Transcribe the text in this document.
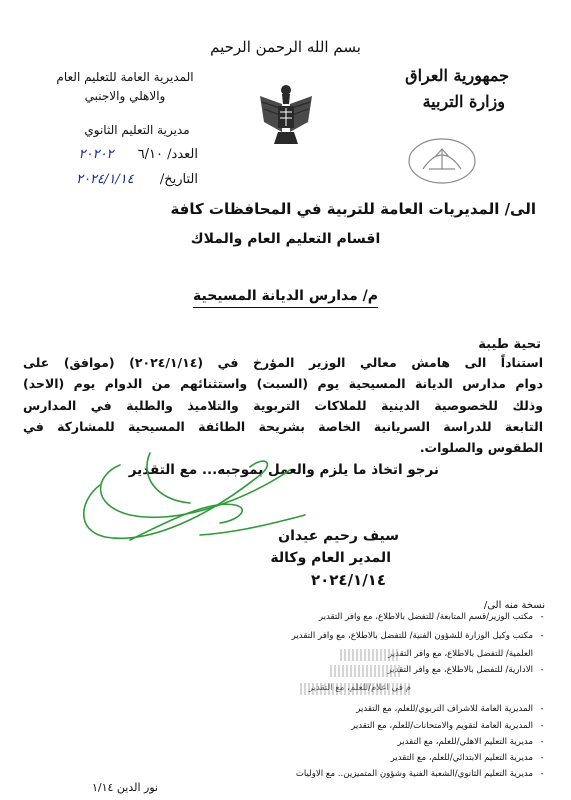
بسم الله الرحمن الرحيم
جمهورية العراق
وزارة التربية
المديرية العامة للتعليم العام
والاهلي والاجنبي
مديرية التعليم الثانوي
العدد/ ٦/١٠ ٢٠٢٠٢
التاريخ/ ٢٠٢٤/١/١٤
الى/ المديريات العامة للتربية في المحافظات كافة
اقسام التعليم العام والملاك
م/ مدارس الديانة المسيحية
تحية طيبة
استناداً الى هامش معالي الوزير المؤرخ في (٢٠٢٤/١/١٤) (موافق) على
دوام مدارس الديانة المسيحية يوم (السبت) واستثنائهم من الدوام يوم (الاحد)
وذلك للخصوصية الدينية للملاكات التربوية والتلاميذ والطلبة في المدارس
التابعة للدراسة السريانية الخاصة بشريحة الطائفة المسيحية للمشاركة في
الطقوس والصلوات.
نرجو اتخاذ ما يلزم والعمل بموجبه... مع التقدير
سيف رحيم عيدان
المدير العام وكالة
٢٠٢٤/١/١٤
نسخة منه الى/
-مكتب الوزير/قسم المتابعة/ للتفضل بالاطلاع، مع وافر التقدير
-مكتب وكيل الوزارة للشؤون الفنية/ للتفضل بالاطلاع، مع وافر التقدير
العلمية/ للتفضل بالاطلاع، مع وافر التقدير
-الادارية/ للتفضل بالاطلاع، مع وافر التقدير
م في اعلام/للعلم، مع التقدير
-المديرية العامة للاشراف التربوي/للعلم، مع التقدير
-المديرية العامة لتقويم والامتحانات/للعلم، مع التقدير
-مديرية التعليم الاهلي/للعلم، مع التقدير
-مديرية التعليم الابتدائي/للعلم، مع التقدير
-مديرية التعليم الثانوي/الشعبة الفنية وشؤون المتميزين.. مع الاوليات
نور الدين ١/١٤
